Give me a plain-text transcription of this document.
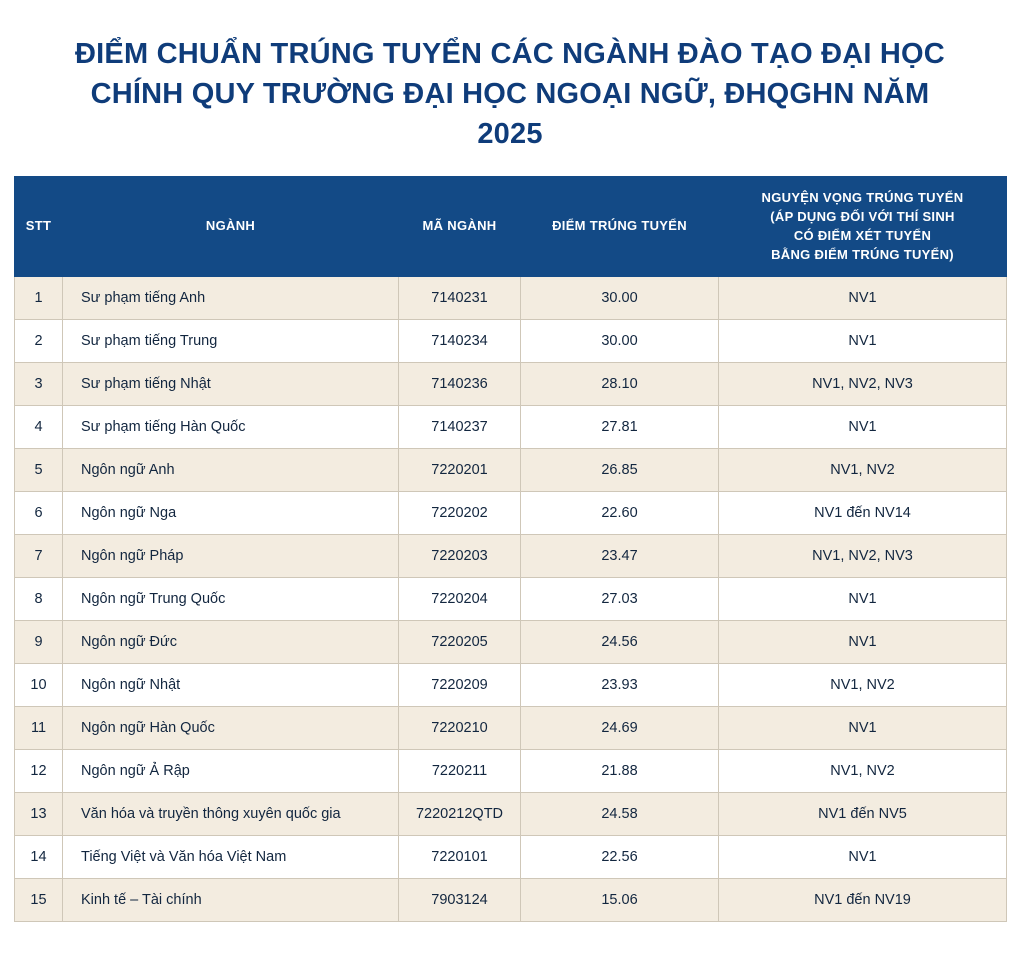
ĐIỂM CHUẨN TRÚNG TUYỂN CÁC NGÀNH ĐÀO TẠO ĐẠI HỌC CHÍNH QUY TRƯỜNG ĐẠI HỌC NGOẠI NGỮ, ĐHQGHN NĂM 2025
STT	NGÀNH	MÃ NGÀNH	ĐIỂM TRÚNG TUYỂN	NGUYỆN VỌNG TRÚNG TUYỂN
(ÁP DỤNG ĐỐI VỚI THÍ SINH
CÓ ĐIỂM XÉT TUYỂN
BẰNG ĐIỂM TRÚNG TUYỂN)

1	Sư phạm tiếng Anh	7140231	30.00	NV1
2	Sư phạm tiếng Trung	7140234	30.00	NV1
3	Sư phạm tiếng Nhật	7140236	28.10	NV1, NV2, NV3
4	Sư phạm tiếng Hàn Quốc	7140237	27.81	NV1
5	Ngôn ngữ Anh	7220201	26.85	NV1, NV2
6	Ngôn ngữ Nga	7220202	22.60	NV1 đến NV14
7	Ngôn ngữ Pháp	7220203	23.47	NV1, NV2, NV3
8	Ngôn ngữ Trung Quốc	7220204	27.03	NV1
9	Ngôn ngữ Đức	7220205	24.56	NV1
10	Ngôn ngữ Nhật	7220209	23.93	NV1, NV2
11	Ngôn ngữ Hàn Quốc	7220210	24.69	NV1
12	Ngôn ngữ Ả Rập	7220211	21.88	NV1, NV2
13	Văn hóa và truyền thông xuyên quốc gia	7220212QTD	24.58	NV1 đến NV5
14	Tiếng Việt và Văn hóa Việt Nam	7220101	22.56	NV1
15	Kinh tế – Tài chính	7903124	15.06	NV1 đến NV19
